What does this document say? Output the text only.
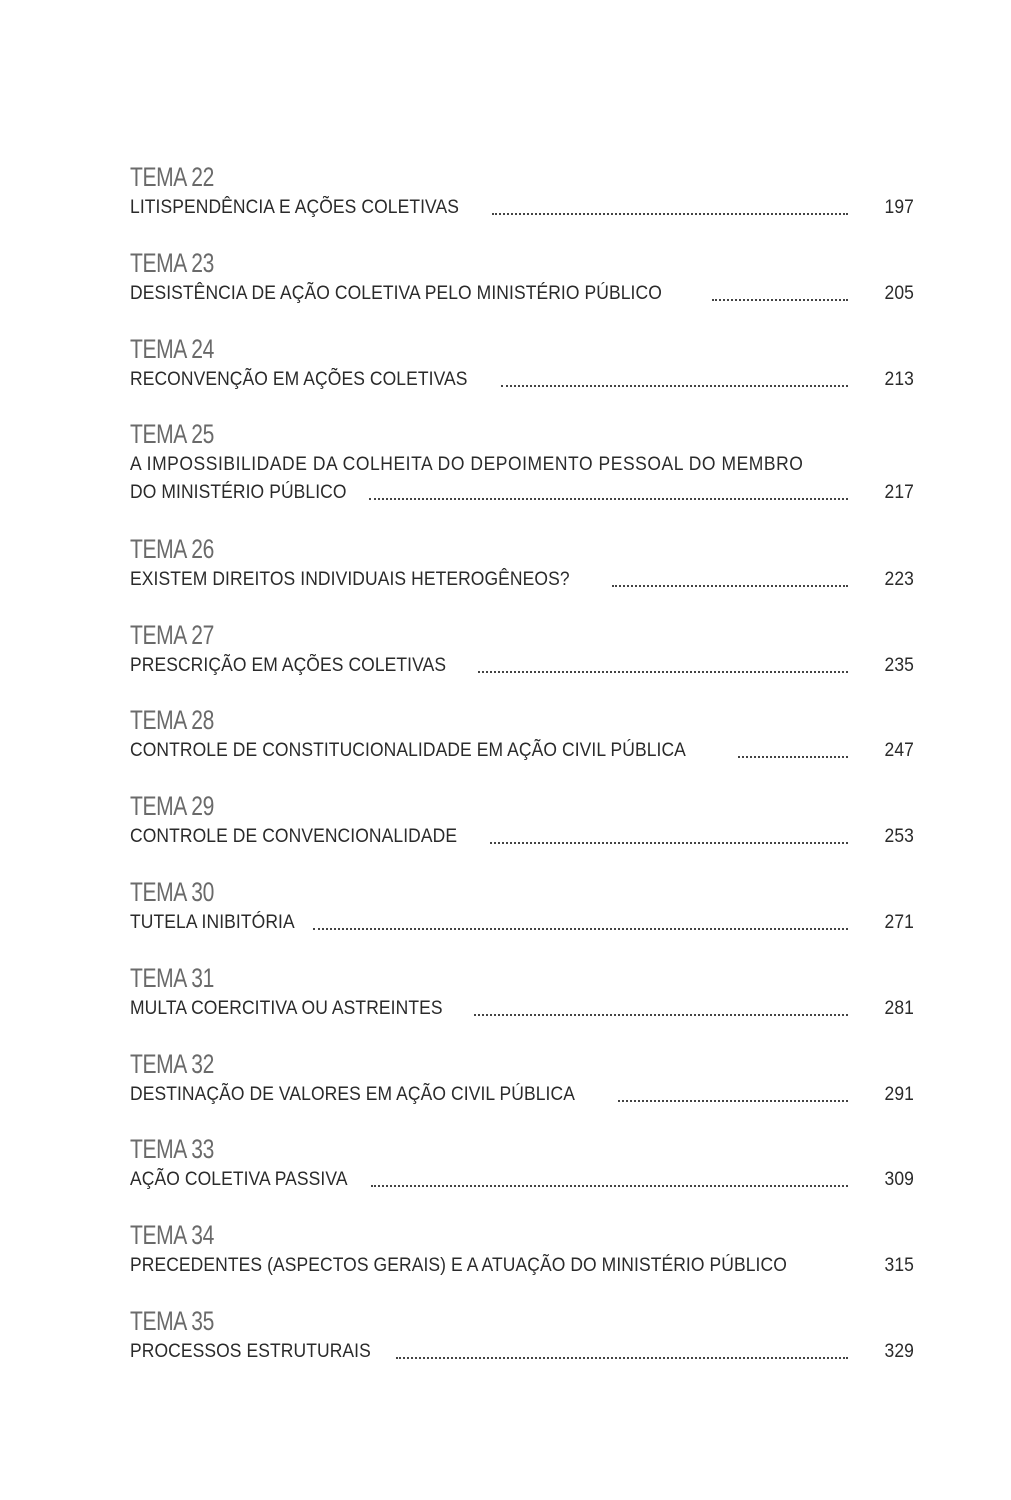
TEMA 22
LITISPENDÊNCIA E AÇÕES COLETIVAS	197
TEMA 23
DESISTÊNCIA DE AÇÃO COLETIVA PELO MINISTÉRIO PÚBLICO	205
TEMA 24
RECONVENÇÃO EM AÇÕES COLETIVAS	213
TEMA 25
A IMPOSSIBILIDADE DA COLHEITA DO DEPOIMENTO PESSOAL DO MEMBRO
DO MINISTÉRIO PÚBLICO	217
TEMA 26
EXISTEM DIREITOS INDIVIDUAIS HETEROGÊNEOS?	223
TEMA 27
PRESCRIÇÃO EM AÇÕES COLETIVAS	235
TEMA 28
CONTROLE DE CONSTITUCIONALIDADE EM AÇÃO CIVIL PÚBLICA	247
TEMA 29
CONTROLE DE CONVENCIONALIDADE	253
TEMA 30
TUTELA INIBITÓRIA	271
TEMA 31
MULTA COERCITIVA OU ASTREINTES	281
TEMA 32
DESTINAÇÃO DE VALORES EM AÇÃO CIVIL PÚBLICA	291
TEMA 33
AÇÃO COLETIVA PASSIVA	309
TEMA 34
PRECEDENTES (ASPECTOS GERAIS) E A ATUAÇÃO DO MINISTÉRIO PÚBLICO	315
TEMA 35
PROCESSOS ESTRUTURAIS	329
